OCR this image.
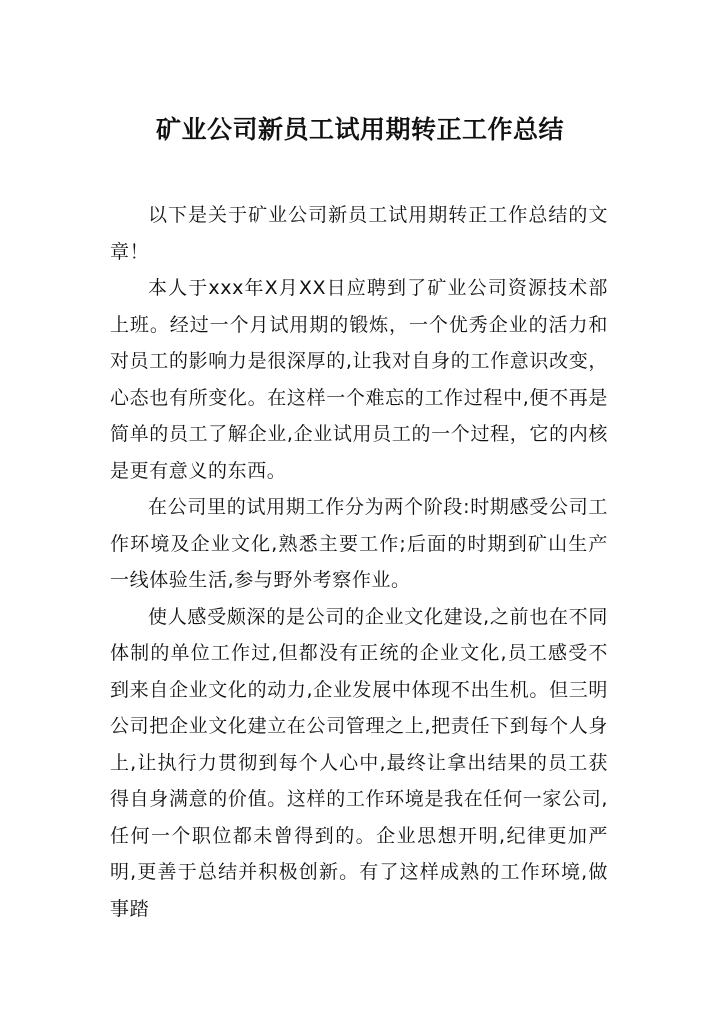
矿业公司新员工试用期转正工作总结

以下是关于矿业公司新员工试用期转正工作总结的文章！

本人于xxx年X月XX日应聘到了矿业公司资源技术部上班。经过一个月试用期的锻炼，一个优秀企业的活力和对员工的影响力是很深厚的,让我对自身的工作意识改变，心态也有所变化。在这样一个难忘的工作过程中,便不再是简单的员工了解企业,企业试用员工的一个过程，它的内核是更有意义的东西。

在公司里的试用期工作分为两个阶段:时期感受公司工作环境及企业文化,熟悉主要工作;后面的时期到矿山生产一线体验生活,参与野外考察作业。

使人感受颇深的是公司的企业文化建设,之前也在不同体制的单位工作过,但都没有正统的企业文化,员工感受不到来自企业文化的动力,企业发展中体现不出生机。但三明公司把企业文化建立在公司管理之上,把责任下到每个人身上,让执行力贯彻到每个人心中,最终让拿出结果的员工获得自身满意的价值。这样的工作环境是我在任何一家公司,任何一个职位都未曾得到的。企业思想开明,纪律更加严明,更善于总结并积极创新。有了这样成熟的工作环境,做事踏
